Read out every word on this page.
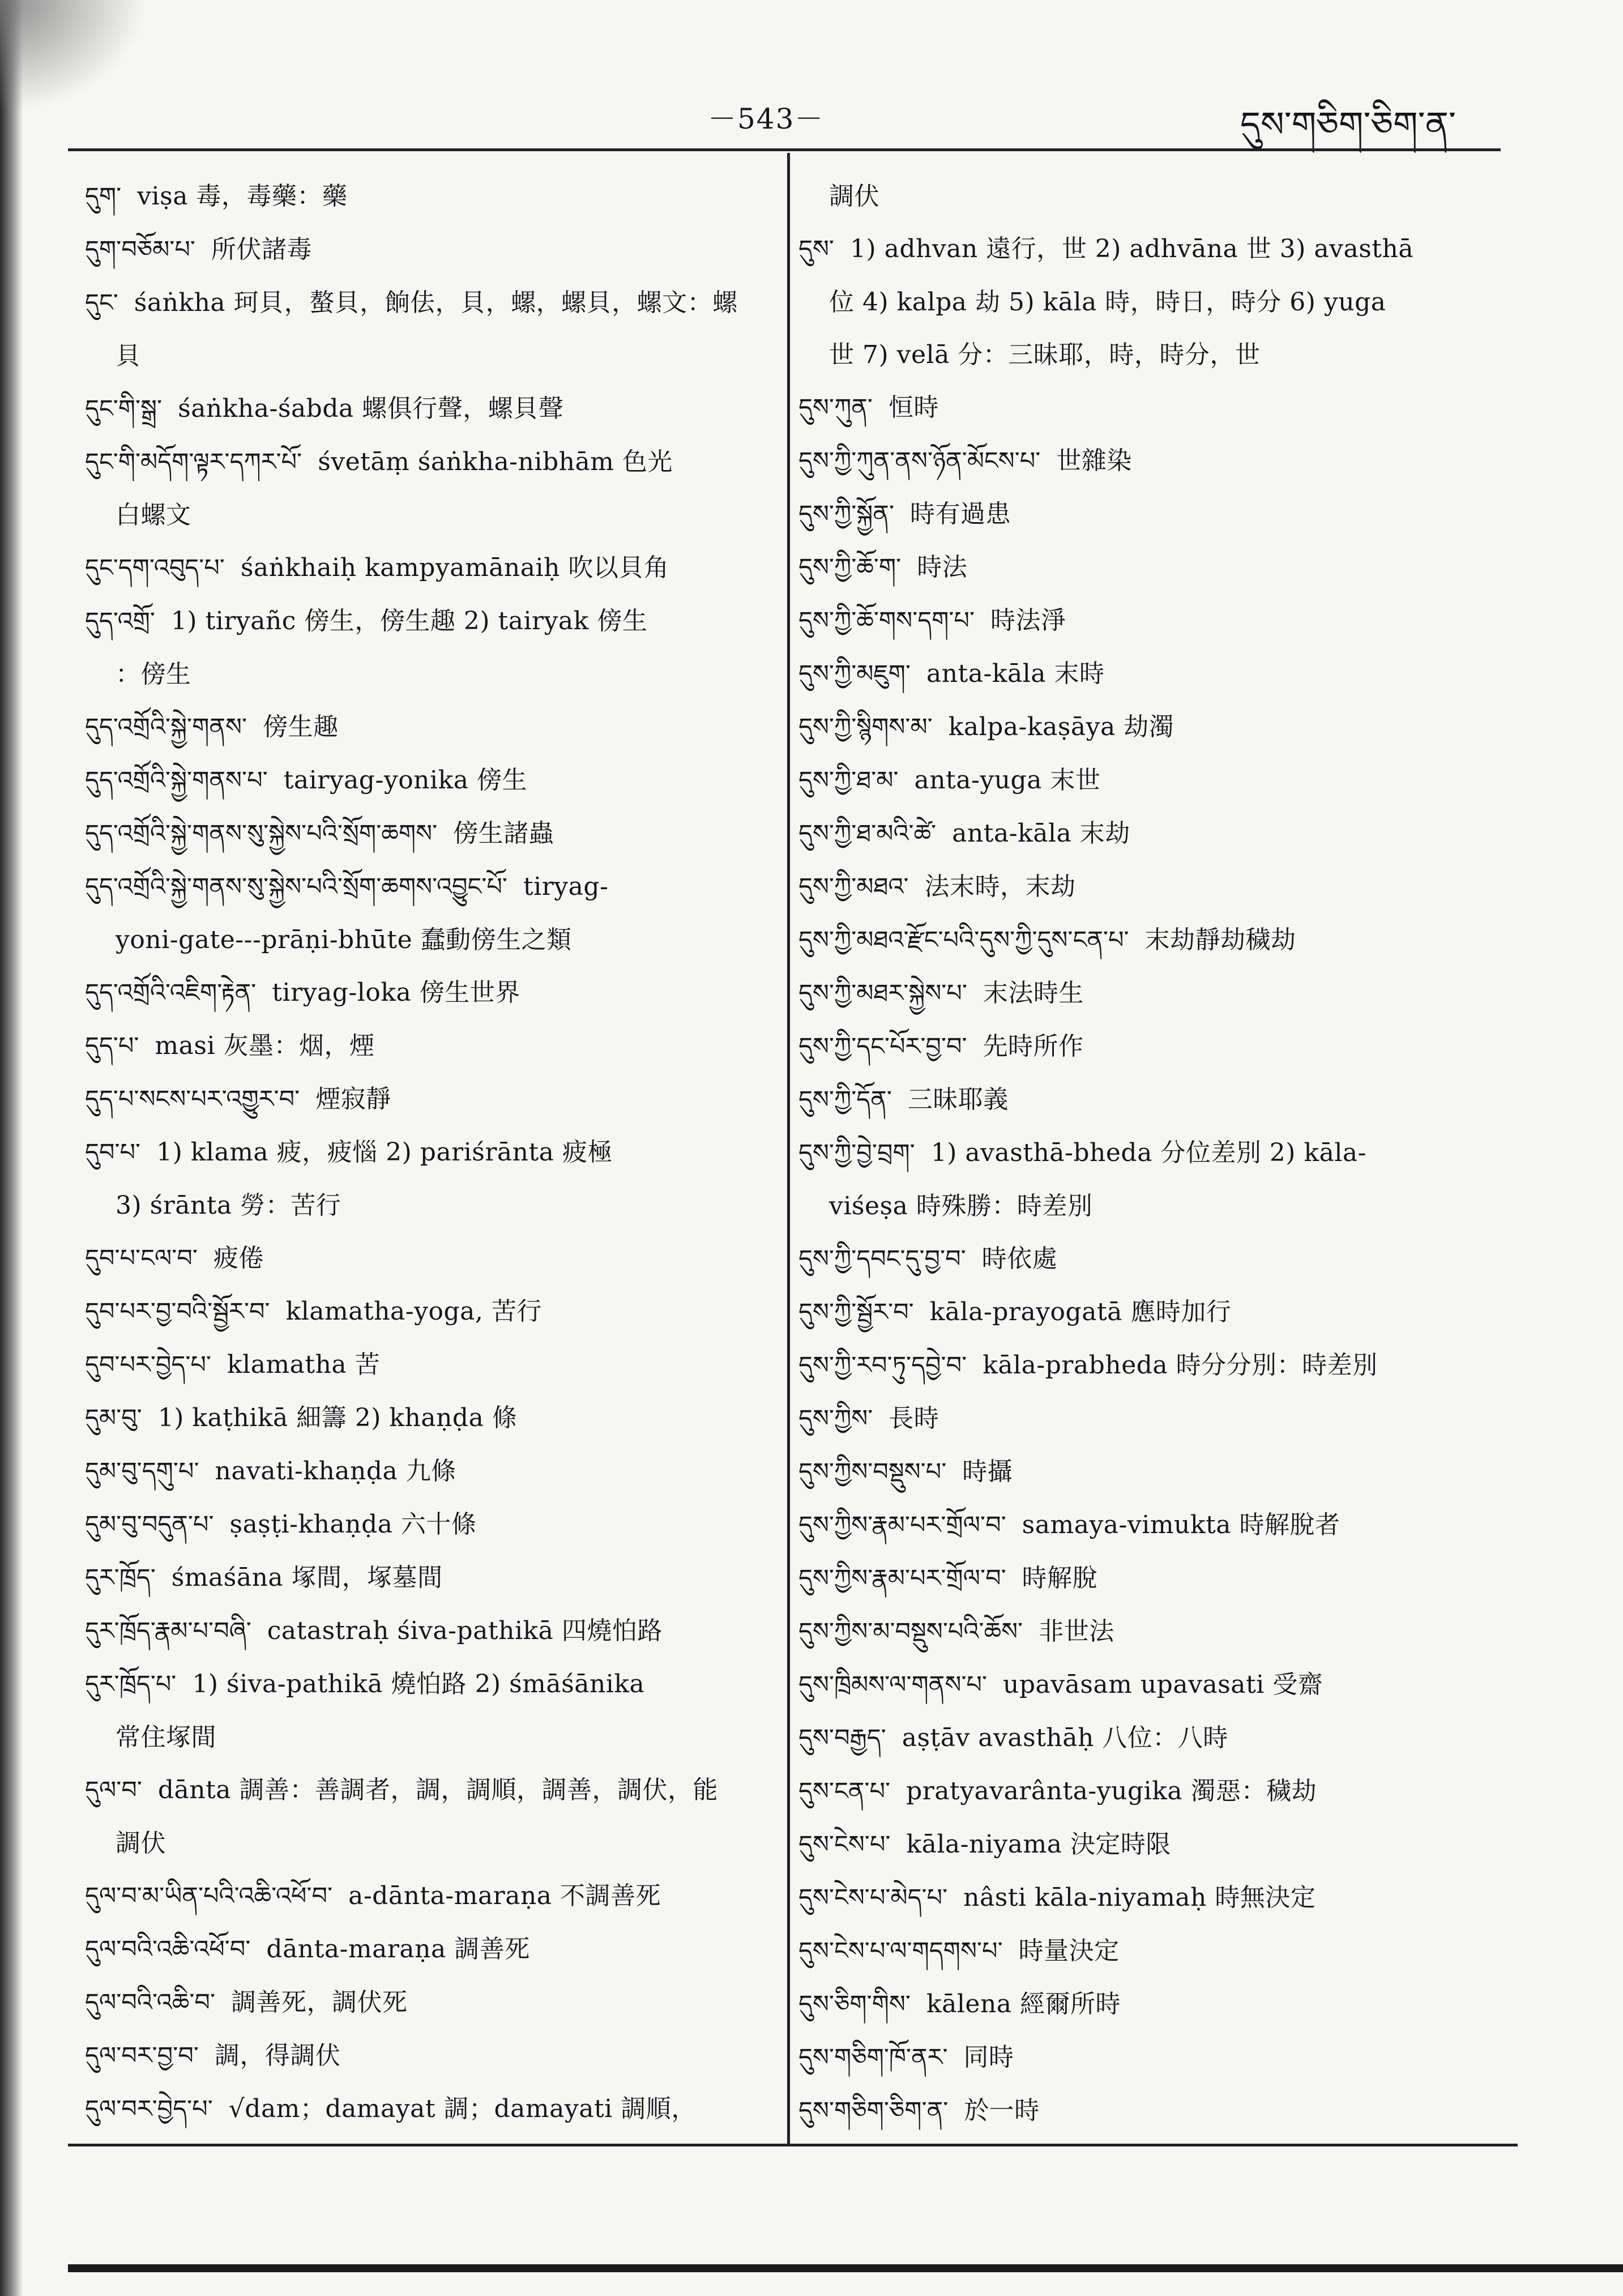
－543－	དུས་གཅིག་ཅིག་ན་
དུག་ viṣa 毒，毒藥：藥
དུག་བཅོམ་པ་ 所伏諸毒
དུང་ śaṅkha 珂貝，螯貝，餉佉，貝，螺，螺貝，螺文：螺
貝
དུང་གི་སྒྲ་ śaṅkha-śabda 螺俱行聲，螺貝聲
དུང་གི་མདོག་ལྟར་དཀར་པོ་ śvetāṃ śaṅkha-nibhām 色光
白螺文
དུང་དག་འབུད་པ་ śaṅkhaiḥ kampyamānaiḥ 吹以貝角
དུད་འགྲོ་ 1) tiryañc 傍生，傍生趣 2) tairyak 傍生
：傍生
དུད་འགྲོའི་སྐྱེ་གནས་ 傍生趣
དུད་འགྲོའི་སྐྱེ་གནས་པ་ tairyag-yonika 傍生
དུད་འགྲོའི་སྐྱེ་གནས་སུ་སྐྱེས་པའི་སྲོག་ཆགས་ 傍生諸蟲
དུད་འགྲོའི་སྐྱེ་གནས་སུ་སྐྱེས་པའི་སྲོག་ཆགས་འབྱུང་པོ་ tiryag-
yoni-gate---prāṇi-bhūte 蠢動傍生之類
དུད་འགྲོའི་འཇིག་རྟེན་ tiryag-loka 傍生世界
དུད་པ་ masi 灰墨：烟，煙
དུད་པ་སངས་པར་འགྱུར་བ་ 煙寂靜
དུབ་པ་ 1) klama 疲，疲惱 2) pariśrānta 疲極
3) śrānta 勞：苦行
དུབ་པ་ངལ་བ་ 疲倦
དུབ་པར་བྱ་བའི་སྦྱོར་བ་ klamatha-yoga, 苦行
དུབ་པར་བྱེད་པ་ klamatha 苦
དུམ་བུ་ 1) kaṭhikā 細籌 2) khaṇḍa 條
དུམ་བུ་དགུ་པ་ navati-khaṇḍa 九條
དུམ་བུ་བདུན་པ་ ṣaṣṭi-khaṇḍa 六十條
དུར་ཁྲོད་ śmaśāna 塚間，塚墓間
དུར་ཁྲོད་རྣམ་པ་བཞི་ catastraḥ śiva-pathikā 四燒怕路
དུར་ཁྲོད་པ་ 1) śiva-pathikā 燒怕路 2) śmāśānika
常住塚間
དུལ་བ་ dānta 調善：善調者，調，調順，調善，調伏，能
調伏
དུལ་བ་མ་ཡིན་པའི་འཆི་འཕོ་བ་ a-dānta-maraṇa 不調善死
དུལ་བའི་འཆི་འཕོ་བ་ dānta-maraṇa 調善死
དུལ་བའི་འཆི་བ་ 調善死，調伏死
དུལ་བར་བྱ་བ་ 調，得調伏
དུལ་བར་བྱེད་པ་ √dam；damayat 調；damayati 調順，
調伏
དུས་ 1) adhvan 遠行，世 2) adhvāna 世 3) avasthā
位 4) kalpa 劫 5) kāla 時，時日，時分 6) yuga
世 7) velā 分：三昧耶，時，時分，世
དུས་ཀུན་ 恒時
དུས་ཀྱི་ཀུན་ནས་ཉོན་མོངས་པ་ 世雜染
དུས་ཀྱི་སྐྱོན་ 時有過患
དུས་ཀྱི་ཆོ་ག་ 時法
དུས་ཀྱི་ཆོ་གས་དག་པ་ 時法淨
དུས་ཀྱི་མཇུག་ anta-kāla 末時
དུས་ཀྱི་སྙིགས་མ་ kalpa-kaṣāya 劫濁
དུས་ཀྱི་ཐ་མ་ anta-yuga 末世
དུས་ཀྱི་ཐ་མའི་ཚེ་ anta-kāla 末劫
དུས་ཀྱི་མཐའ་ 法末時，末劫
དུས་ཀྱི་མཐའ་རྫོང་པའི་དུས་ཀྱི་དུས་ངན་པ་ 末劫靜劫穢劫
དུས་ཀྱི་མཐར་སྐྱེས་པ་ 末法時生
དུས་ཀྱི་དང་པོར་བྱ་བ་ 先時所作
དུས་ཀྱི་དོན་ 三昧耶義
དུས་ཀྱི་བྱེ་བྲག་ 1) avasthā-bheda 分位差別 2) kāla-
viśeṣa 時殊勝：時差別
དུས་ཀྱི་དབང་དུ་བྱ་བ་ 時依處
དུས་ཀྱི་སྦྱོར་བ་ kāla-prayogatā 應時加行
དུས་ཀྱི་རབ་ཏུ་དབྱེ་བ་ kāla-prabheda 時分分別：時差別
དུས་ཀྱིས་ 長時
དུས་ཀྱིས་བསྡུས་པ་ 時攝
དུས་ཀྱིས་རྣམ་པར་གྲོལ་བ་ samaya-vimukta 時解脫者
དུས་ཀྱིས་རྣམ་པར་གྲོལ་བ་ 時解脫
དུས་ཀྱིས་མ་བསྡུས་པའི་ཆོས་ 非世法
དུས་ཁྲིམས་ལ་གནས་པ་ upavāsam upavasati 受齋
དུས་བརྒྱད་ aṣṭāv avasthāḥ 八位：八時
དུས་ངན་པ་ pratyavarânta-yugika 濁惡：穢劫
དུས་ངེས་པ་ kāla-niyama 決定時限
དུས་ངེས་པ་མེད་པ་ nâsti kāla-niyamaḥ 時無決定
དུས་ངེས་པ་ལ་གདགས་པ་ 時量決定
དུས་ཅིག་གིས་ kālena 經爾所時
དུས་གཅིག་ཁོ་ནར་ 同時
དུས་གཅིག་ཅིག་ན་ 於一時
